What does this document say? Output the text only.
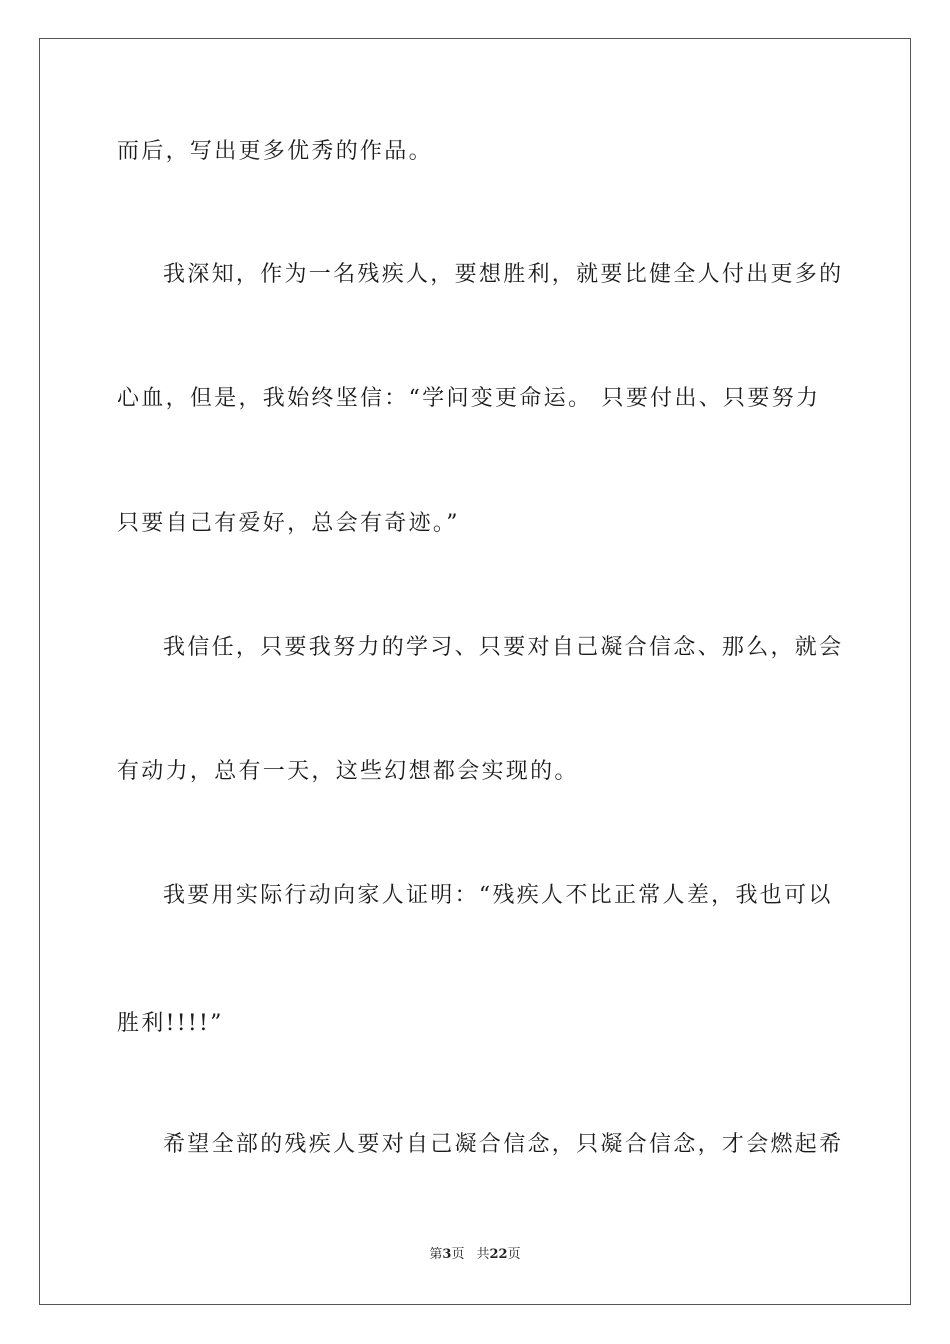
而后，写出更多优秀的作品。
我深知，作为一名残疾人，要想胜利，就要比健全人付出更多的
心血，但是，我始终坚信：“学问变更命运。 只要付出、只要努力
只要自己有爱好，总会有奇迹。”
我信任，只要我努力的学习、只要对自己凝合信念、那么，就会
有动力，总有一天，这些幻想都会实现的。
我要用实际行动向家人证明：“残疾人不比正常人差，我也可以
胜利!!!!”
希望全部的残疾人要对自己凝合信念，只凝合信念，才会燃起希
第3页 共22页
